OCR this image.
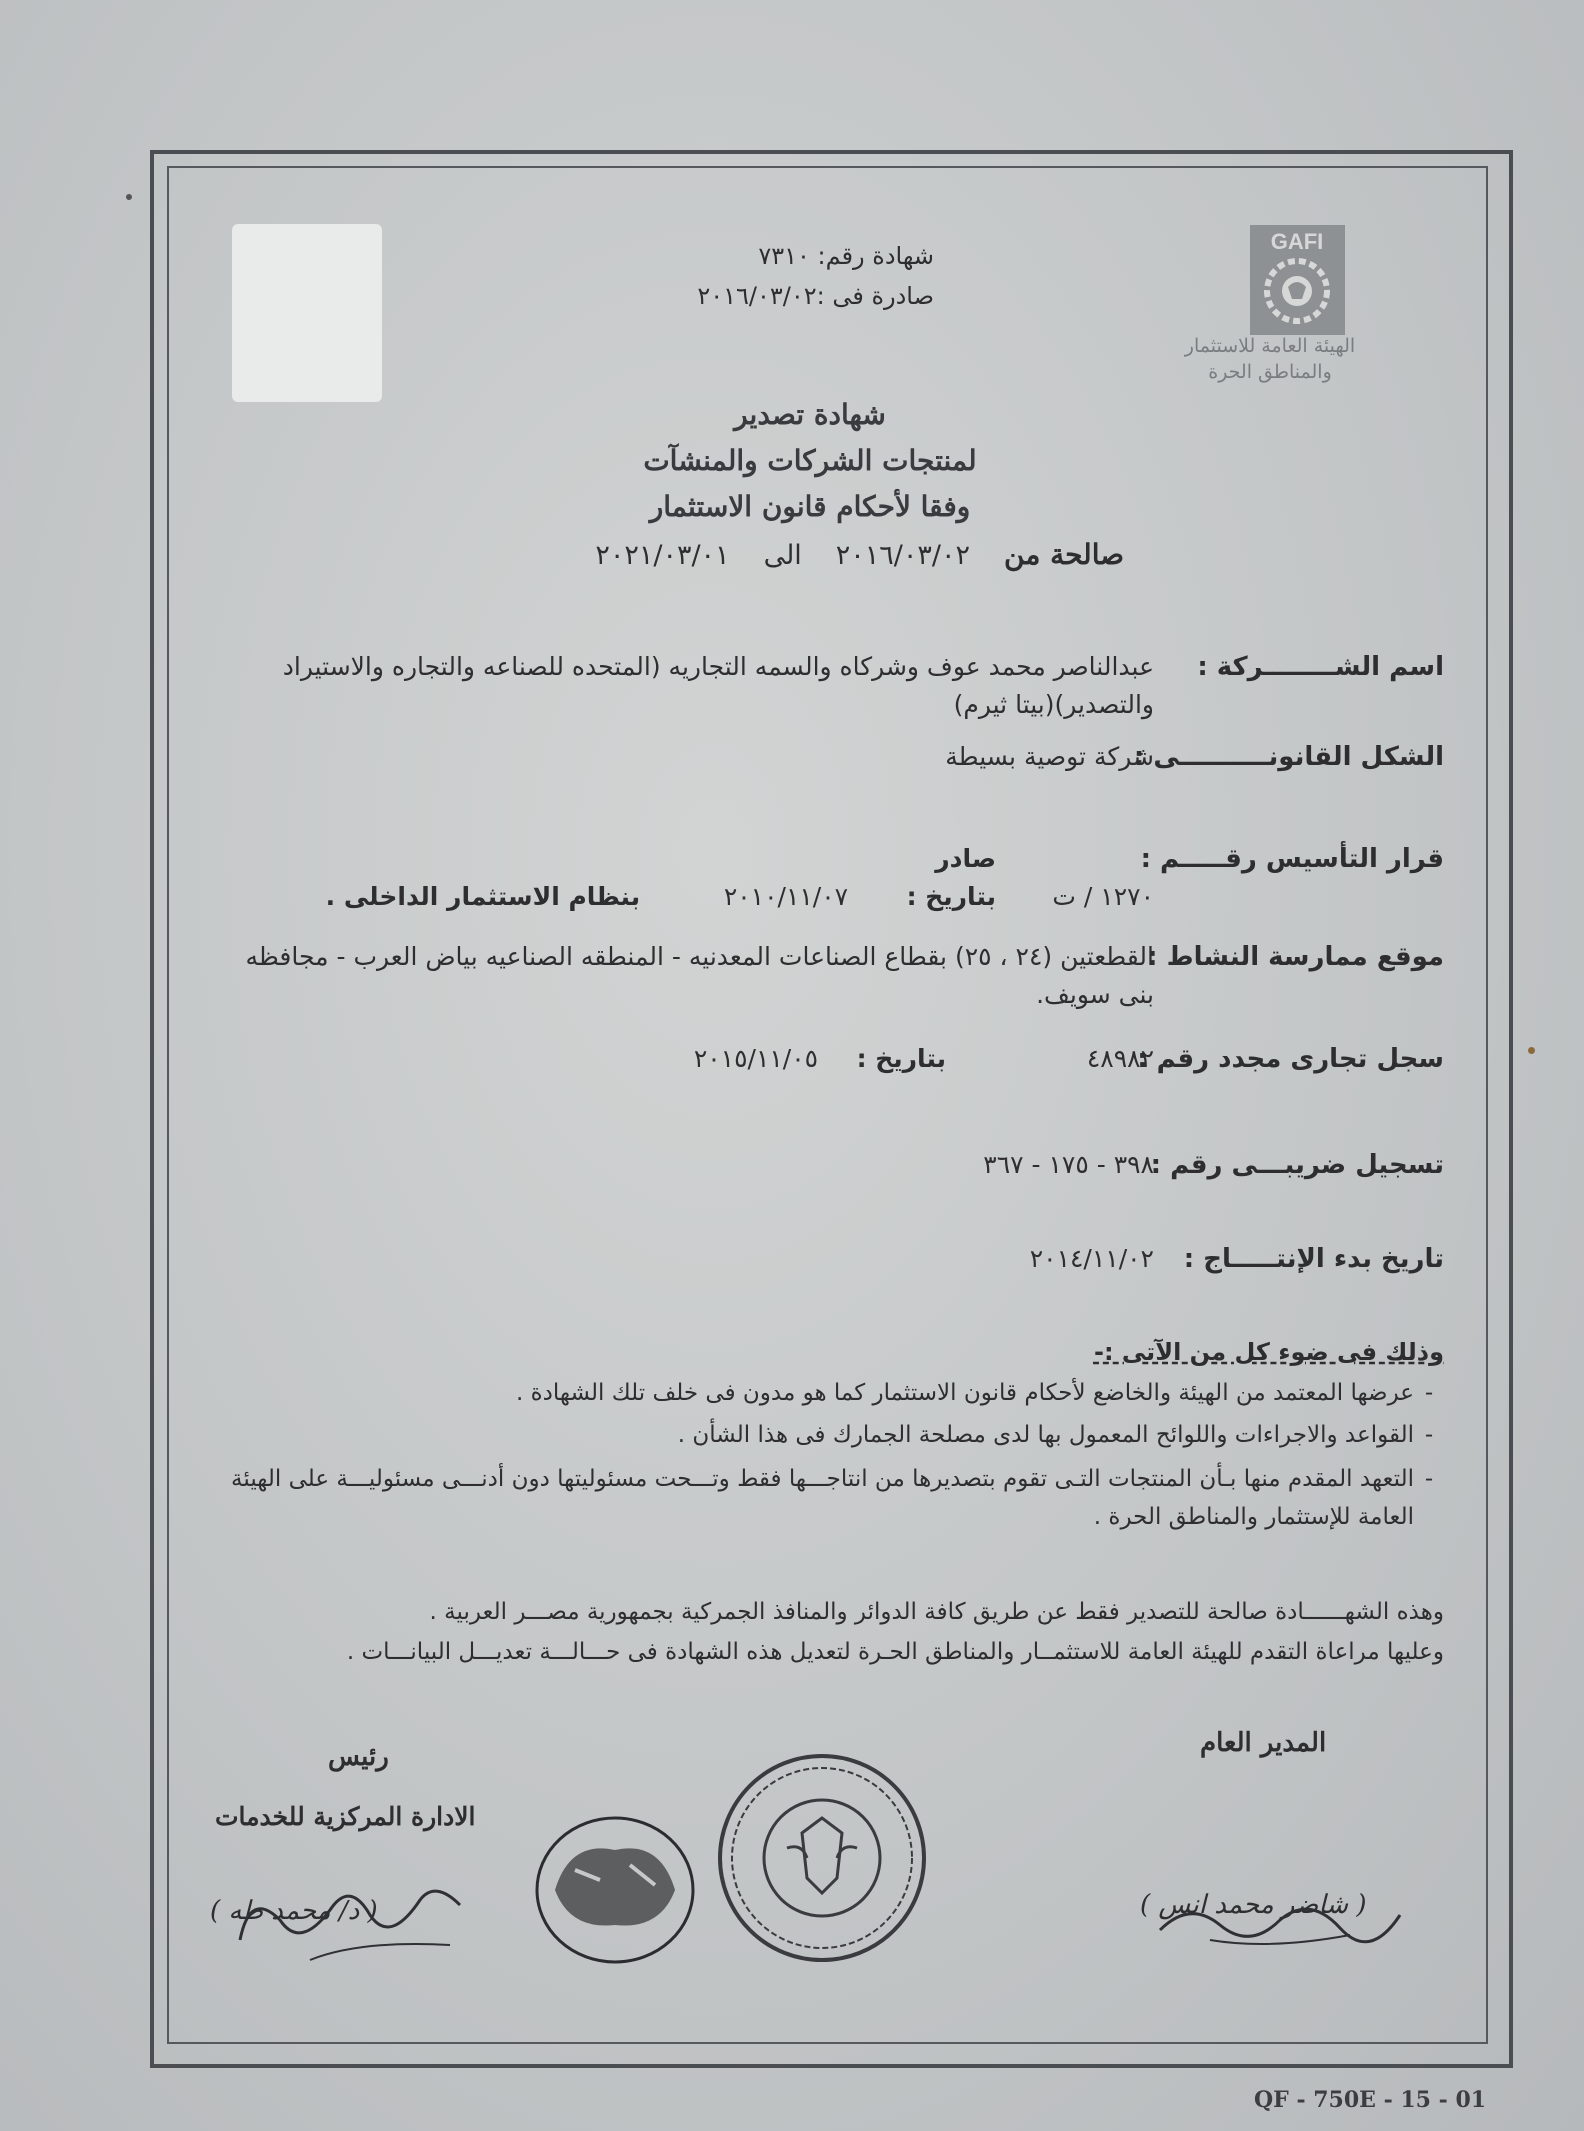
GAFI
الهيئة العامة للاستثمار
والمناطق الحرة
شهادة رقم: ٧٣١٠
صادرة فى :٢٠١٦/٠٣/٠٢
شهادة تصدير
لمنتجات الشركات والمنشآت
وفقا لأحكام قانون الاستثمار
صالحة من
٢٠١٦/٠٣/٠٢
الى
٢٠٢١/٠٣/٠١
اسم الشــــــــركة :
عبدالناصر محمد عوف وشركاه والسمه التجاريه (المتحده للصناعه والتجاره والاستيراد والتصدير)(بيتا ثيرم)
الشكل القانونــــــــــى :
شركة توصية بسيطة
قرار التأسيس رقـــــم :
١٢٧٠ / ت صادر بتاريخ : ٢٠١٠/١١/٠٧ بنظام الاستثمار الداخلى .
موقع ممارسة النشاط :
القطعتين (٢٤ ، ٢٥) بقطاع الصناعات المعدنيه - المنطقه الصناعيه بياض العرب - مجافظه بنى سويف.
سجل تجارى مجدد رقم :
٤٨٩٨٢ بتاريخ : ٢٠١٥/١١/٠٥
تسجيل ضريبـــى رقم :
٣٩٨ - ١٧٥ - ٣٦٧
تاريخ بدء الإنتـــــاج :
٢٠١٤/١١/٠٢
وذلك فى ضوء كل من الآتى :-
-
عرضها المعتمد من الهيئة والخاضع لأحكام قانون الاستثمار كما هو مدون فى خلف تلك الشهادة .
-
القواعد والاجراءات واللوائح المعمول بها لدى مصلحة الجمارك فى هذا الشأن .
-
التعهد المقدم منها بـأن المنتجات التـى تقوم بتصديرها من انتاجـــها فقط وتـــحت مسئوليتها دون أدنـــى مسئوليـــة على الهيئة العامة للإستثمار والمناطق الحرة .
وهذه الشهــــــادة صالحة للتصدير فقط عن طريق كافة الدوائر والمنافذ الجمركية بجمهورية مصـــر العربية .
وعليها مراعاة التقدم للهيئة العامة للاستثمــار والمناطق الحـرة لتعديل هذه الشهادة فى حـــالـــة تعديـــل البيانـــات .
المدير العام
رئيس
الادارة المركزية للخدمات
( شاضر محمد انس )
( د/ محمد طه )
QF - 750E - 15 - 01
